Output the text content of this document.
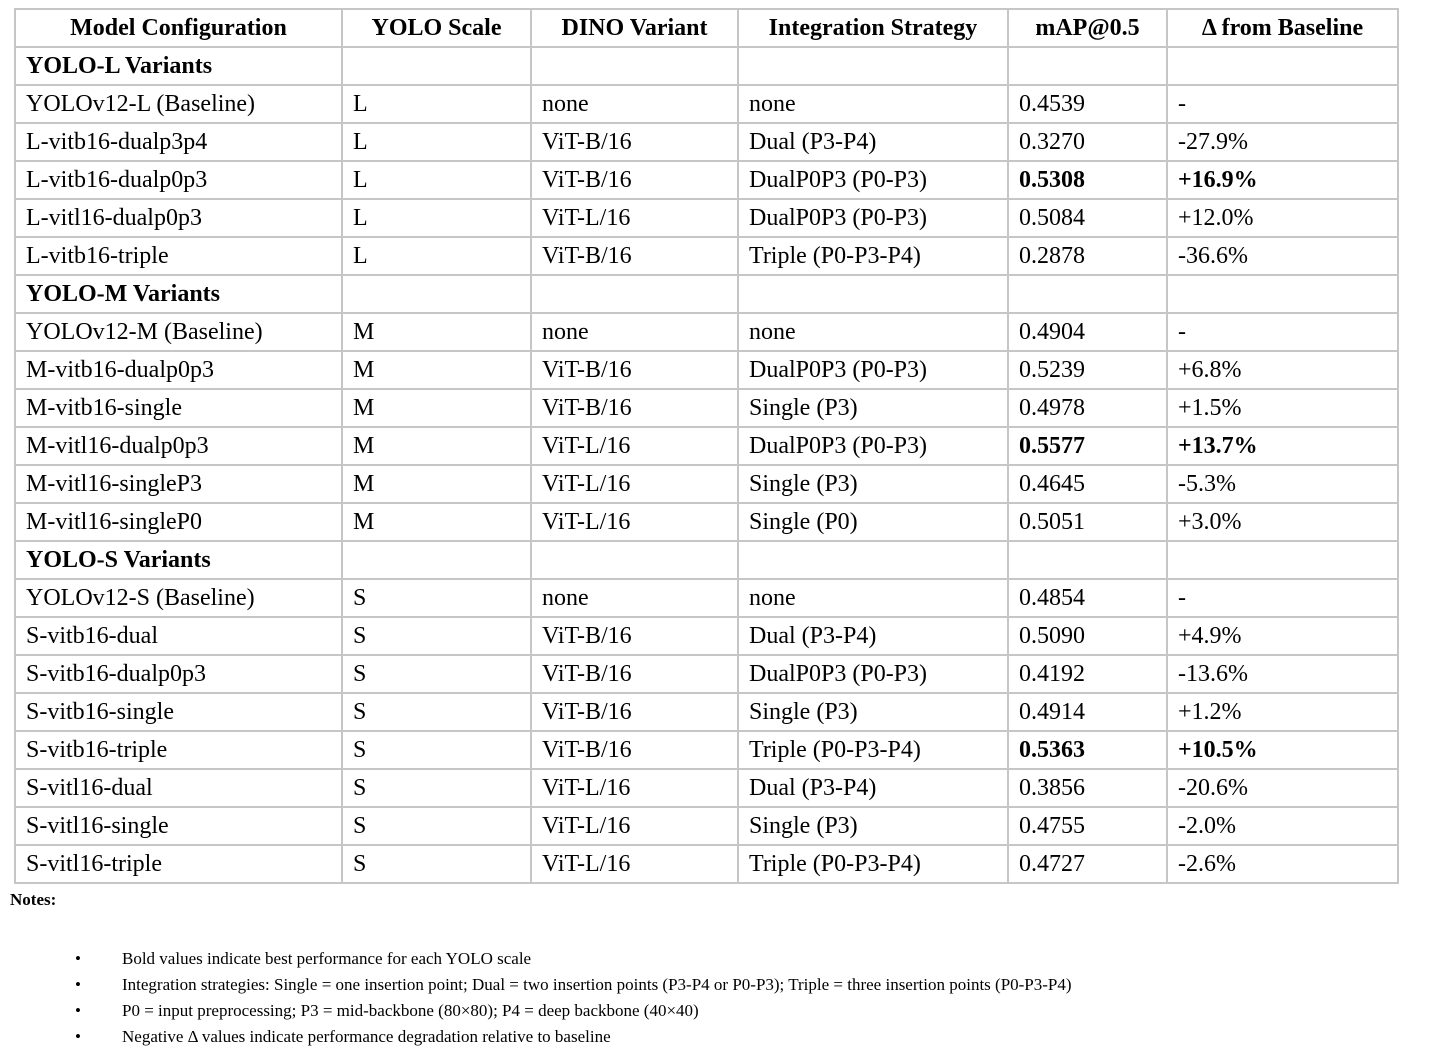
Model Configuration	YOLO Scale	DINO Variant	Integration Strategy	mAP@0.5	Δ from Baseline
YOLO-L Variants					
YOLOv12-L (Baseline)	L	none	none	0.4539	-
L-vitb16-dualp3p4	L	ViT-B/16	Dual (P3-P4)	0.3270	-27.9%
L-vitb16-dualp0p3	L	ViT-B/16	DualP0P3 (P0-P3)	0.5308	+16.9%
L-vitl16-dualp0p3	L	ViT-L/16	DualP0P3 (P0-P3)	0.5084	+12.0%
L-vitb16-triple	L	ViT-B/16	Triple (P0-P3-P4)	0.2878	-36.6%
YOLO-M Variants					
YOLOv12-M (Baseline)	M	none	none	0.4904	-
M-vitb16-dualp0p3	M	ViT-B/16	DualP0P3 (P0-P3)	0.5239	+6.8%
M-vitb16-single	M	ViT-B/16	Single (P3)	0.4978	+1.5%
M-vitl16-dualp0p3	M	ViT-L/16	DualP0P3 (P0-P3)	0.5577	+13.7%
M-vitl16-singleP3	M	ViT-L/16	Single (P3)	0.4645	-5.3%
M-vitl16-singleP0	M	ViT-L/16	Single (P0)	0.5051	+3.0%
YOLO-S Variants					
YOLOv12-S (Baseline)	S	none	none	0.4854	-
S-vitb16-dual	S	ViT-B/16	Dual (P3-P4)	0.5090	+4.9%
S-vitb16-dualp0p3	S	ViT-B/16	DualP0P3 (P0-P3)	0.4192	-13.6%
S-vitb16-single	S	ViT-B/16	Single (P3)	0.4914	+1.2%
S-vitb16-triple	S	ViT-B/16	Triple (P0-P3-P4)	0.5363	+10.5%
S-vitl16-dual	S	ViT-L/16	Dual (P3-P4)	0.3856	-20.6%
S-vitl16-single	S	ViT-L/16	Single (P3)	0.4755	-2.0%
S-vitl16-triple	S	ViT-L/16	Triple (P0-P3-P4)	0.4727	-2.6%
Notes:
• Bold values indicate best performance for each YOLO scale
• Integration strategies: Single = one insertion point; Dual = two insertion points (P3-P4 or P0-P3); Triple = three insertion points (P0-P3-P4)
• P0 = input preprocessing; P3 = mid-backbone (80×80); P4 = deep backbone (40×40)
• Negative Δ values indicate performance degradation relative to baseline
